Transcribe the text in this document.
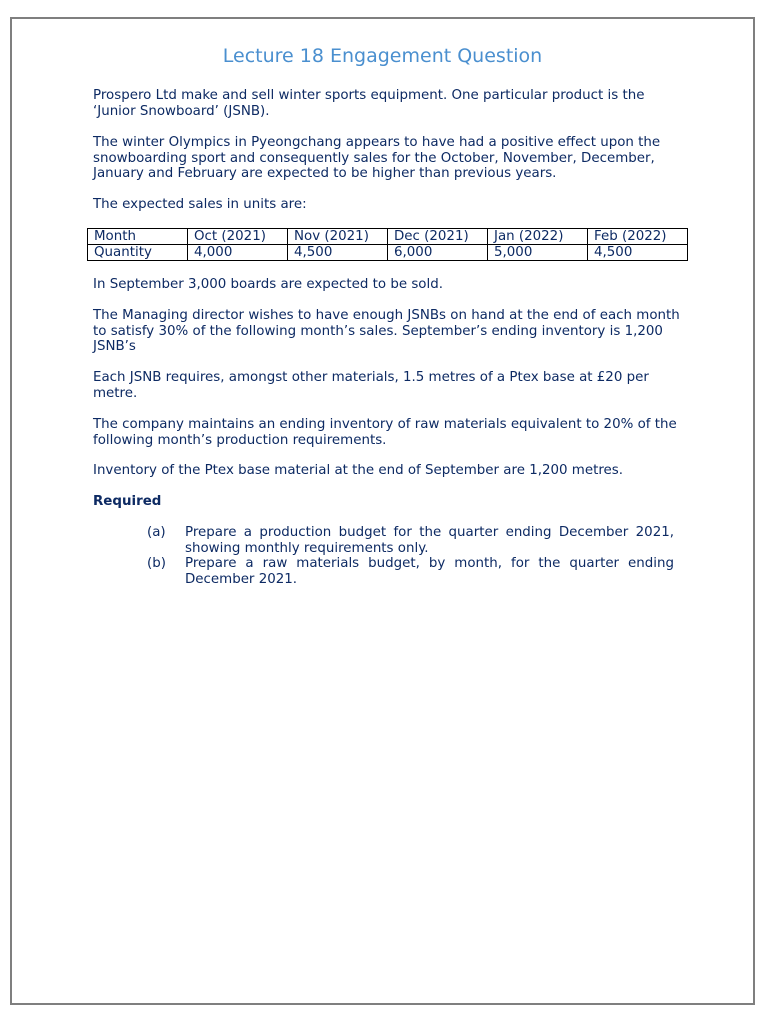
Lecture 18 Engagement Question

Prospero Ltd make and sell winter sports equipment. One particular product is the ‘Junior Snowboard’ (JSNB).

The winter Olympics in Pyeongchang appears to have had a positive effect upon the snowboarding sport and consequently sales for the October, November, December, January and February are expected to be higher than previous years.

The expected sales in units are:

Month	Oct (2021)	Nov (2021)	Dec (2021)	Jan (2022)	Feb (2022)
Quantity	4,000	4,500	6,000	5,000	4,500

In September 3,000 boards are expected to be sold.

The Managing director wishes to have enough JSNBs on hand at the end of each month to satisfy 30% of the following month’s sales. September’s ending inventory is 1,200 JSNB’s

Each JSNB requires, amongst other materials, 1.5 metres of a Ptex base at £20 per metre.

The company maintains an ending inventory of raw materials equivalent to 20% of the following month’s production requirements.

Inventory of the Ptex base material at the end of September are 1,200 metres.

Required
(a) Prepare a production budget for the quarter ending December 2021, showing monthly requirements only.
(b) Prepare a raw materials budget, by month, for the quarter ending December 2021.
